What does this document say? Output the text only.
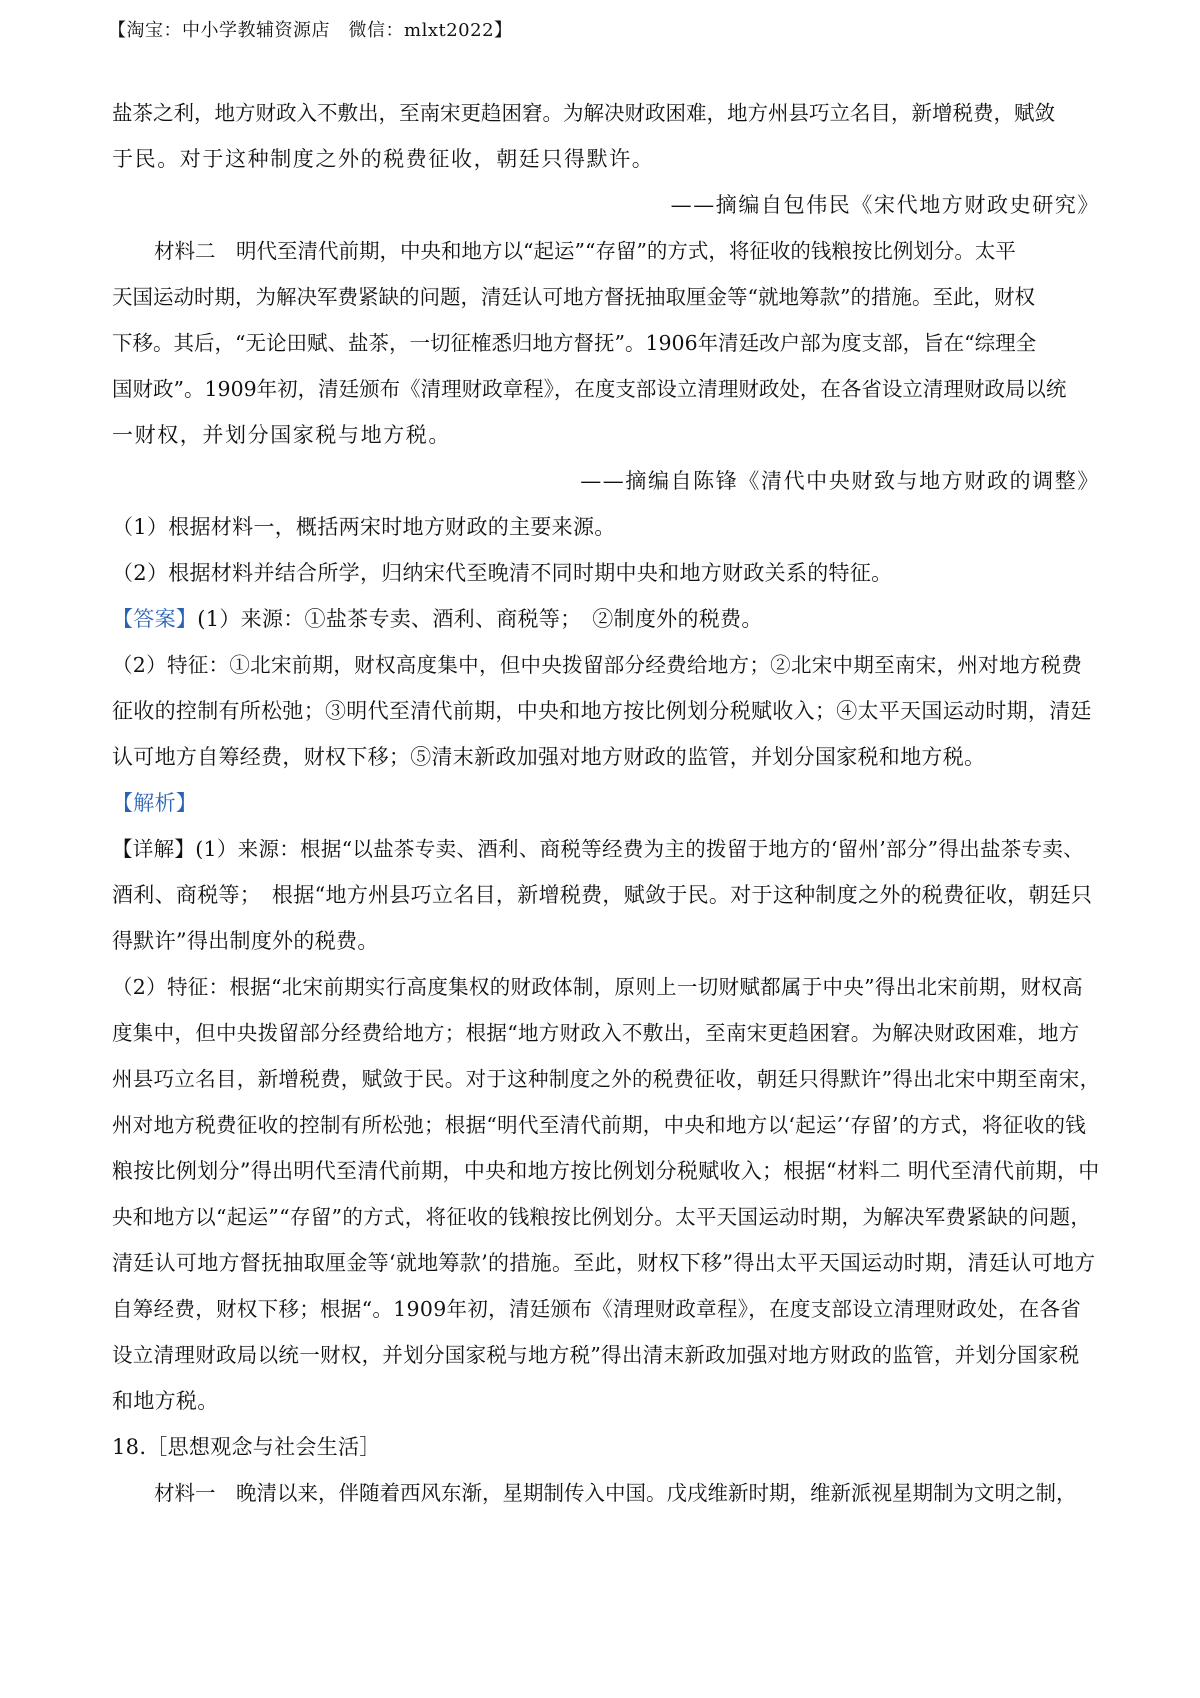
【淘宝：中小学教辅资源店　微信：mlxt2022】
盐茶之利，地方财政入不敷出，至南宋更趋困窘。为解决财政困难，地方州县巧立名目，新增税费，赋敛
于民。对于这种制度之外的税费征收，朝廷只得默许。
——摘编自包伟民《宋代地方财政史研究》
材料二　明代至清代前期，中央和地方以“起运”“存留”的方式，将征收的钱粮按比例划分。太平
天国运动时期，为解决军费紧缺的问题，清廷认可地方督抚抽取厘金等“就地筹款”的措施。至此，财权
下移。其后，“无论田赋、盐茶，一切征榷悉归地方督抚”。1906年清廷改户部为度支部，旨在“综理全
国财政”。1909年初，清廷颁布《清理财政章程》，在度支部设立清理财政处，在各省设立清理财政局以统
一财权，并划分国家税与地方税。
——摘编自陈锋《清代中央财致与地方财政的调整》
（1）根据材料一，概括两宋时地方财政的主要来源。
（2）根据材料并结合所学，归纳宋代至晚清不同时期中央和地方财政关系的特征。
【答案】(1）来源：①盐茶专卖、酒利、商税等；　②制度外的税费。
（2）特征：①北宋前期，财权高度集中，但中央拨留部分经费给地方；②北宋中期至南宋，州对地方税费
征收的控制有所松弛；③明代至清代前期，中央和地方按比例划分税赋收入；④太平天国运动时期，清廷
认可地方自筹经费，财权下移；⑤清末新政加强对地方财政的监管，并划分国家税和地方税。
【解析】
【详解】(1）来源：根据“以盐茶专卖、酒利、商税等经费为主的拨留于地方的‘留州’部分”得出盐茶专卖、
酒利、商税等；　根据“地方州县巧立名目，新增税费，赋敛于民。对于这种制度之外的税费征收，朝廷只
得默许”得出制度外的税费。
（2）特征：根据“北宋前期实行高度集权的财政体制，原则上一切财赋都属于中央”得出北宋前期，财权高
度集中，但中央拨留部分经费给地方；根据“地方财政入不敷出，至南宋更趋困窘。为解决财政困难，地方
州县巧立名目，新增税费，赋敛于民。对于这种制度之外的税费征收，朝廷只得默许”得出北宋中期至南宋，
州对地方税费征收的控制有所松弛；根据“明代至清代前期，中央和地方以‘起运’‘存留’的方式，将征收的钱
粮按比例划分”得出明代至清代前期，中央和地方按比例划分税赋收入；根据“材料二 明代至清代前期，中
央和地方以“起运”“存留”的方式，将征收的钱粮按比例划分。太平天国运动时期，为解决军费紧缺的问题，
清廷认可地方督抚抽取厘金等‘就地筹款’的措施。至此，财权下移”得出太平天国运动时期，清廷认可地方
自筹经费，财权下移；根据“。1909年初，清廷颁布《清理财政章程》，在度支部设立清理财政处，在各省
设立清理财政局以统一财权，并划分国家税与地方税”得出清末新政加强对地方财政的监管，并划分国家税
和地方税。
18.［思想观念与社会生活］
材料一　晚清以来，伴随着西风东渐，星期制传入中国。戊戌维新时期，维新派视星期制为文明之制，
